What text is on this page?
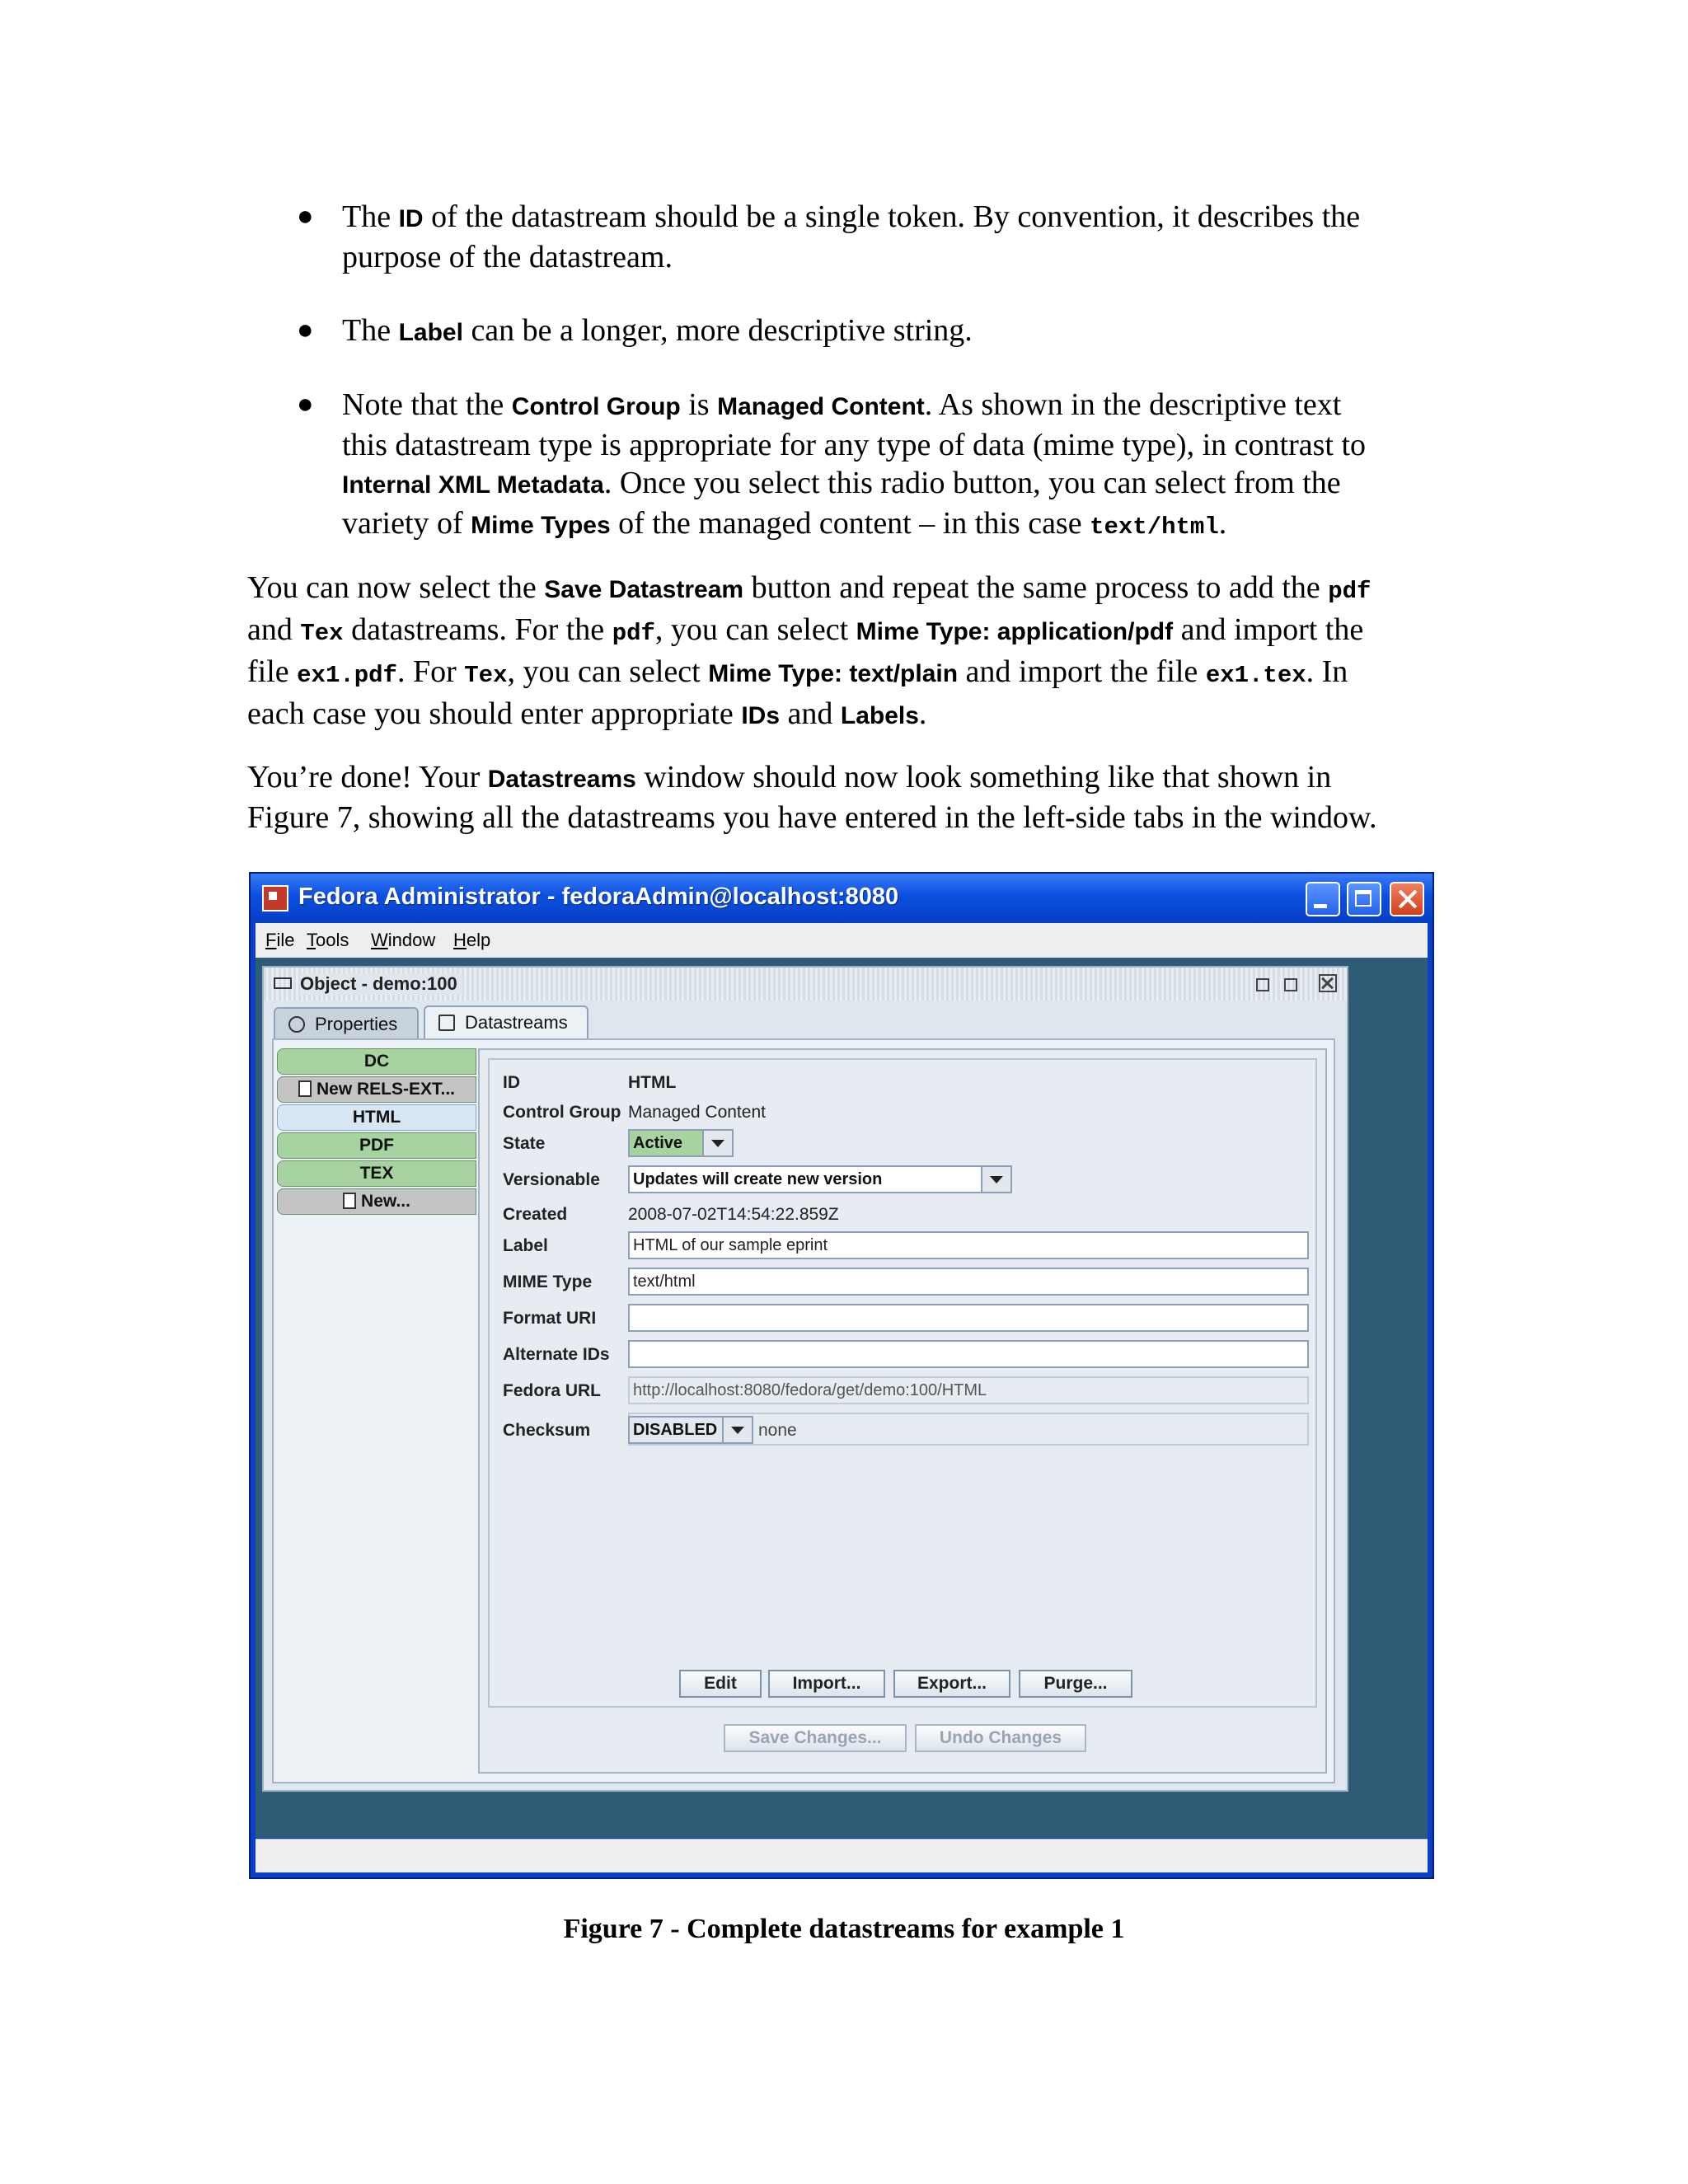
● The ID of the datastream should be a single token. By convention, it describes the
purpose of the datastream.
● The Label can be a longer, more descriptive string.
● Note that the Control Group is Managed Content. As shown in the descriptive text
this datastream type is appropriate for any type of data (mime type), in contrast to
Internal XML Metadata. Once you select this radio button, you can select from the
variety of Mime Types of the managed content – in this case text/html.
You can now select the Save Datastream button and repeat the same process to add the pdf
and Tex datastreams. For the pdf, you can select Mime Type: application/pdf and import the
file ex1.pdf. For Tex, you can select Mime Type: text/plain and import the file ex1.tex. In
each case you should enter appropriate IDs and Labels.
You’re done! Your Datastreams window should now look something like that shown in
Figure 7, showing all the datastreams you have entered in the left-side tabs in the window.
Fedora Administrator - fedoraAdmin@localhost:8080
File Tools Window Help
Object - demo:100
Properties	Datastreams
DC
New RELS-EXT...
HTML
PDF
TEX
New...
ID	HTML
Control Group Managed Content
State	Active
Versionable	Updates will create new version
Created	2008-07-02T14:54:22.859Z
Label	HTML of our sample eprint
MIME Type	text/html
Format URI
Alternate IDs
Fedora URL	http://localhost:8080/fedora/get/demo:100/HTML
Checksum	DISABLED	none
Edit	Import...	Export...	Purge...
Save Changes...	Undo Changes
Figure 7 - Complete datastreams for example 1
